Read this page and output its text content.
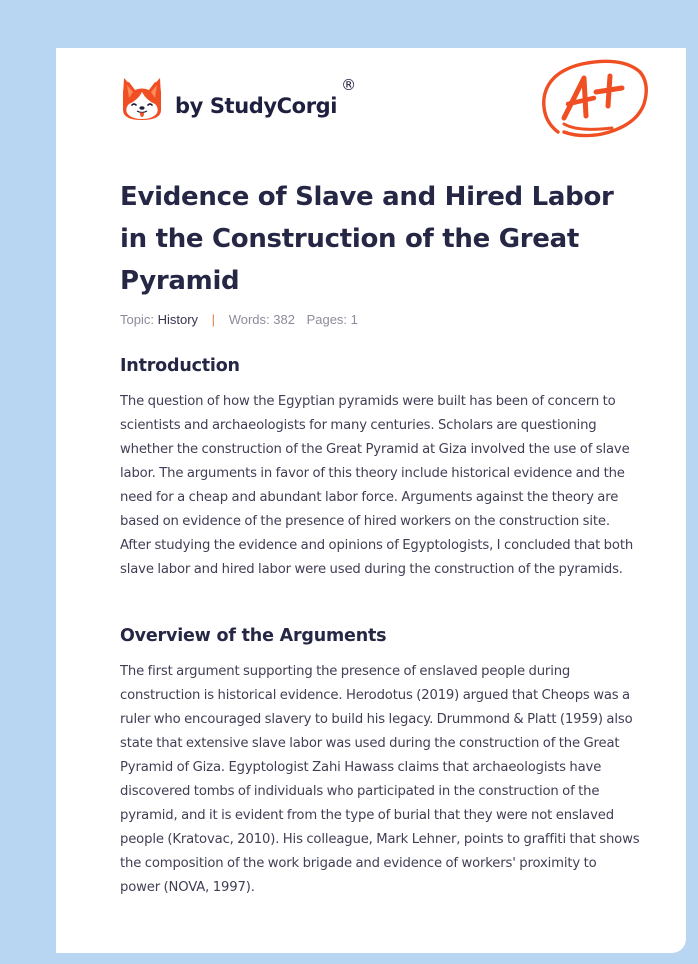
by StudyCorgi
®
Evidence of Slave and Hired Labor in the Construction of the Great Pyramid
Topic: History | Words: 382 Pages: 1
Introduction

The question of how the Egyptian pyramids were built has been of concern to scientists and archaeologists for many centuries. Scholars are questioning whether the construction of the Great Pyramid at Giza involved the use of slave labor. The arguments in favor of this theory include historical evidence and the need for a cheap and abundant labor force. Arguments against the theory are based on evidence of the presence of hired workers on the construction site. After studying the evidence and opinions of Egyptologists, I concluded that both slave labor and hired labor were used during the construction of the pyramids.

Overview of the Arguments

The first argument supporting the presence of enslaved people during construction is historical evidence. Herodotus (2019) argued that Cheops was a ruler who encouraged slavery to build his legacy. Drummond & Platt (1959) also state that extensive slave labor was used during the construction of the Great Pyramid of Giza. Egyptologist Zahi Hawass claims that archaeologists have discovered tombs of individuals who participated in the construction of the pyramid, and it is evident from the type of burial that they were not enslaved people (Kratovac, 2010). His colleague, Mark Lehner, points to graffiti that shows the composition of the work brigade and evidence of workers' proximity to power (NOVA, 1997).
